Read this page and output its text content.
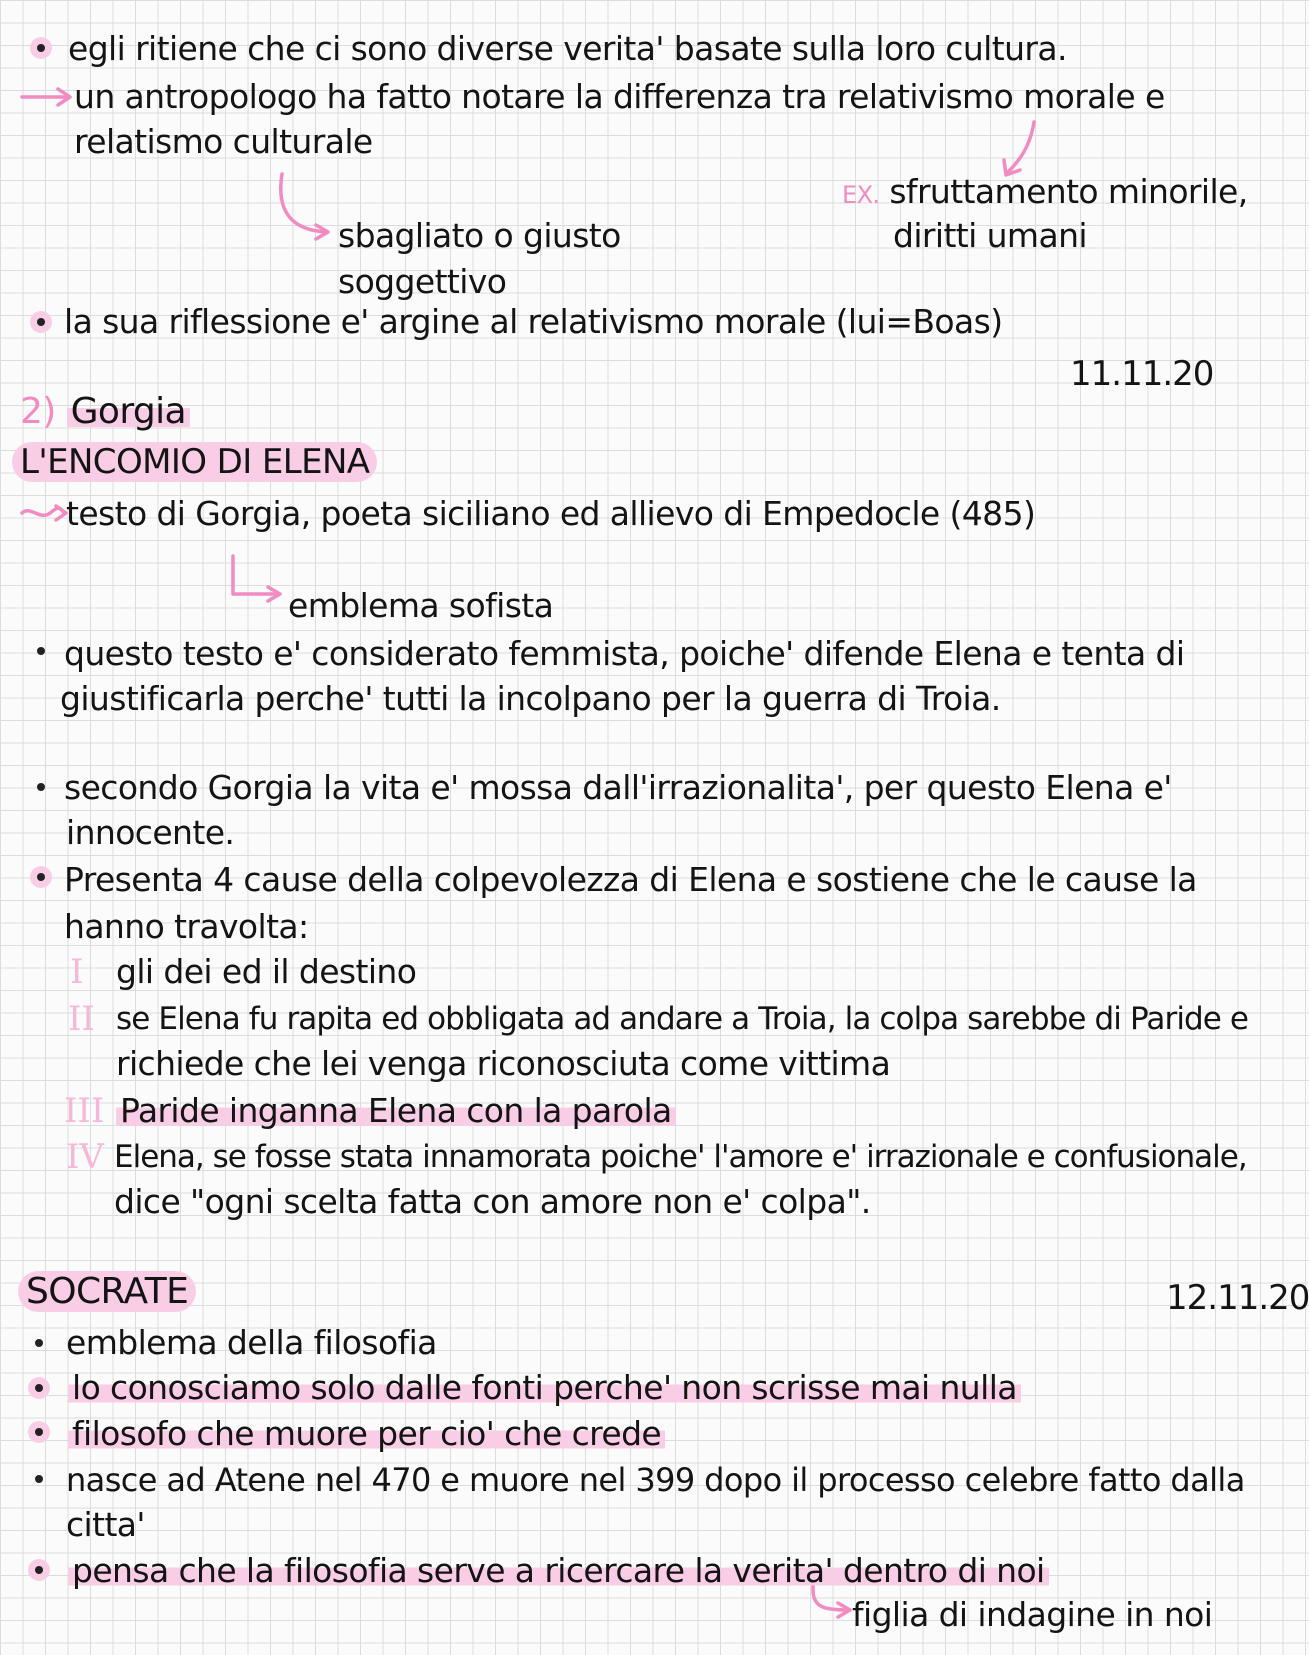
egli ritiene che ci sono diverse verita' basate sulla loro cultura.
un antropologo ha fatto notare la differenza tra relativismo morale e
relatismo culturale
EX. sfruttamento minorile,
diritti umani
sbagliato o giusto
soggettivo
la sua riflessione e' argine al relativismo morale (lui=Boas)
11.11.20
2) Gorgia
L'ENCOMIO DI ELENA
testo di Gorgia, poeta siciliano ed allievo di Empedocle (485)
emblema sofista
questo testo e' considerato femmista, poiche' difende Elena e tenta di
giustificarla perche' tutti la incolpano per la guerra di Troia.
secondo Gorgia la vita e' mossa dall'irrazionalita', per questo Elena e'
innocente.
Presenta 4 cause della colpevolezza di Elena e sostiene che le cause la
hanno travolta:
I gli dei ed il destino
II se Elena fu rapita ed obbligata ad andare a Troia, la colpa sarebbe di Paride e
richiede che lei venga riconosciuta come vittima
III Paride inganna Elena con la parola
IV Elena, se fosse stata innamorata poiche' l'amore e' irrazionale e confusionale,
dice "ogni scelta fatta con amore non e' colpa".
SOCRATE	12.11.20
emblema della filosofia
lo conosciamo solo dalle fonti perche' non scrisse mai nulla
filosofo che muore per cio' che crede
nasce ad Atene nel 470 e muore nel 399 dopo il processo celebre fatto dalla
citta'
pensa che la filosofia serve a ricercare la verita' dentro di noi
figlia di indagine in noi
